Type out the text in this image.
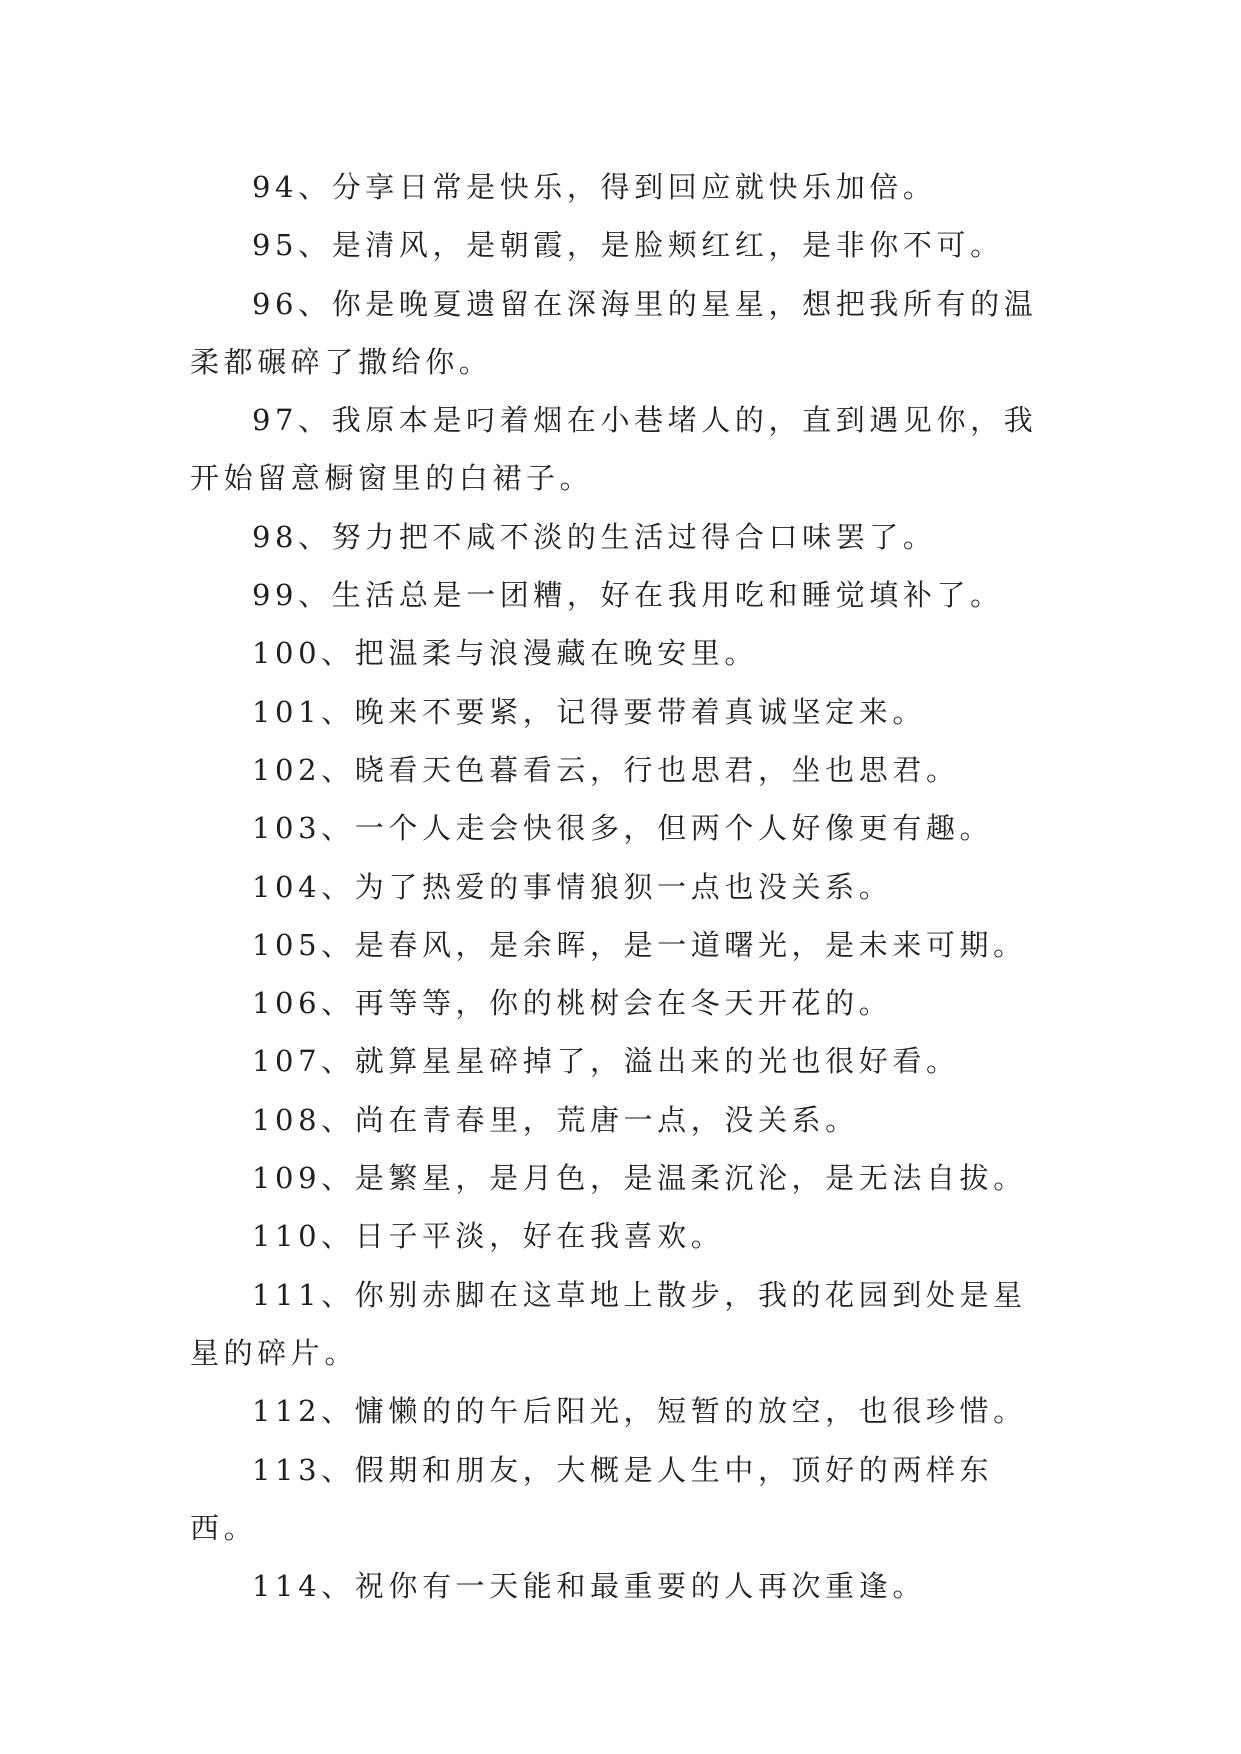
94、分享日常是快乐，得到回应就快乐加倍。

95、是清风，是朝霞，是脸颊红红，是非你不可。

96、你是晚夏遗留在深海里的星星，想把我所有的温柔都碾碎了撒给你。

97、我原本是叼着烟在小巷堵人的，直到遇见你，我开始留意橱窗里的白裙子。

98、努力把不咸不淡的生活过得合口味罢了。

99、生活总是一团糟，好在我用吃和睡觉填补了。

100、把温柔与浪漫藏在晚安里。

101、晚来不要紧，记得要带着真诚坚定来。

102、晓看天色暮看云，行也思君，坐也思君。

103、一个人走会快很多，但两个人好像更有趣。

104、为了热爱的事情狼狈一点也没关系。

105、是春风，是余晖，是一道曙光，是未来可期。

106、再等等，你的桃树会在冬天开花的。

107、就算星星碎掉了，溢出来的光也很好看。

108、尚在青春里，荒唐一点，没关系。

109、是繁星，是月色，是温柔沉沦，是无法自拔。

110、日子平淡，好在我喜欢。

111、你别赤脚在这草地上散步，我的花园到处是星星的碎片。

112、慵懒的的午后阳光，短暂的放空，也很珍惜。

113、假期和朋友，大概是人生中，顶好的两样东西。

114、祝你有一天能和最重要的人再次重逢。
